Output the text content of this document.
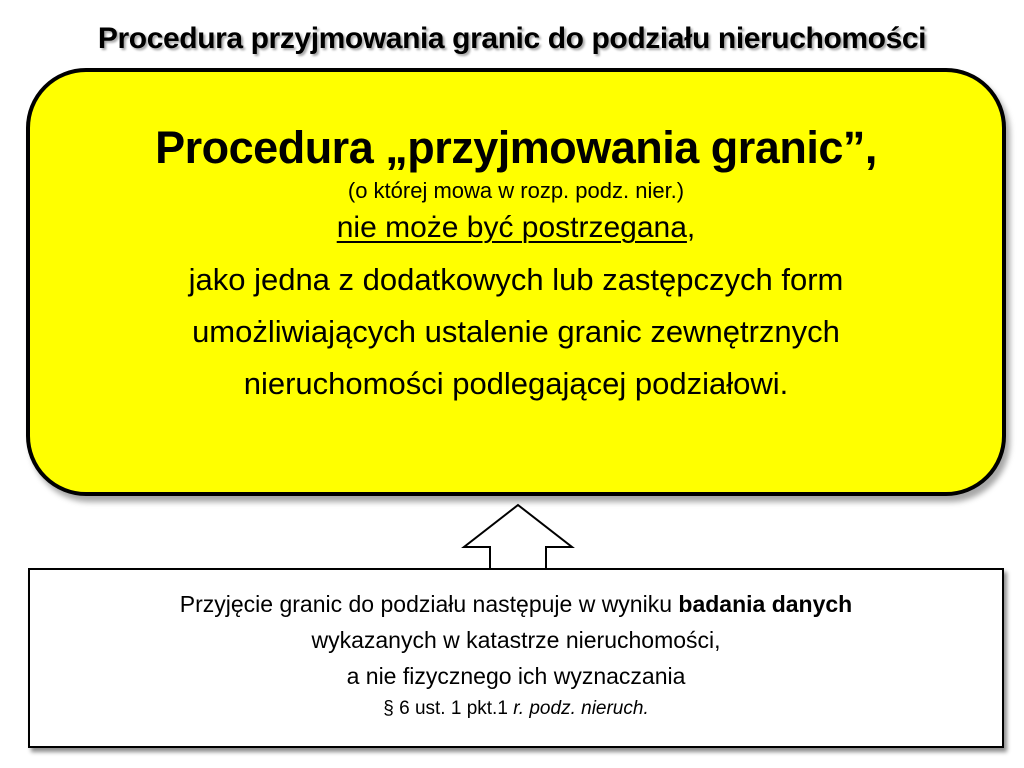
Procedura przyjmowania granic do podziału nieruchomości
Procedura „przyjmowania granic”,
(o której mowa w rozp. podz. nier.)
nie może być postrzegana,
jako jedna z dodatkowych lub zastępczych form
umożliwiających ustalenie granic zewnętrznych
nieruchomości podlegającej podziałowi.
Przyjęcie granic do podziału następuje w wyniku badania danych
wykazanych w katastrze nieruchomości,
a nie fizycznego ich wyznaczania
§ 6 ust. 1 pkt.1 r. podz. nieruch.
